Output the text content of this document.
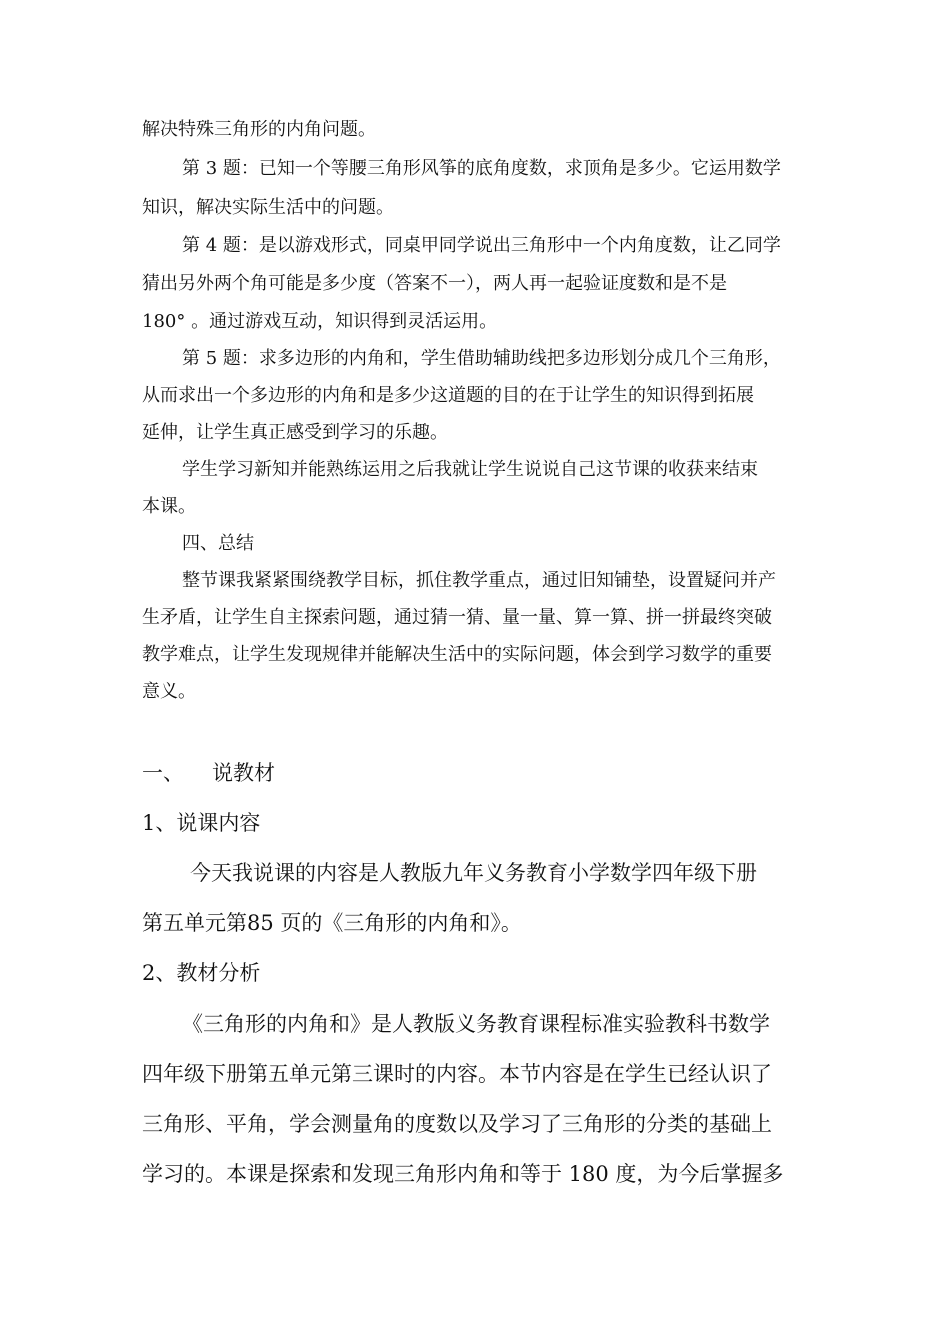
解决特殊三角形的内角问题。
第 3 题：已知一个等腰三角形风筝的底角度数，求顶角是多少。它运用数学
知识，解决实际生活中的问题。
第 4 题：是以游戏形式，同桌甲同学说出三角形中一个内角度数，让乙同学
猜出另外两个角可能是多少度（答案不一），两人再一起验证度数和是不是
180° 。通过游戏互动，知识得到灵活运用。
第 5 题：求多边形的内角和，学生借助辅助线把多边形划分成几个三角形，
从而求出一个多边形的内角和是多少这道题的目的在于让学生的知识得到拓展
延伸，让学生真正感受到学习的乐趣。
学生学习新知并能熟练运用之后我就让学生说说自己这节课的收获来结束
本课。
四、总结
整节课我紧紧围绕教学目标，抓住教学重点，通过旧知铺垫，设置疑问并产
生矛盾，让学生自主探索问题，通过猜一猜、量一量、算一算、拼一拼最终突破
教学难点，让学生发现规律并能解决生活中的实际问题，体会到学习数学的重要
意义。
一、 说教材
1、说课内容
今天我说课的内容是人教版九年义务教育小学数学四年级下册
第五单元第85 页的《三角形的内角和》。
2、教材分析
《三角形的内角和》是人教版义务教育课程标准实验教科书数学
四年级下册第五单元第三课时的内容。本节内容是在学生已经认识了
三角形、平角，学会测量角的度数以及学习了三角形的分类的基础上
学习的。本课是探索和发现三角形内角和等于 180 度，为今后掌握多
